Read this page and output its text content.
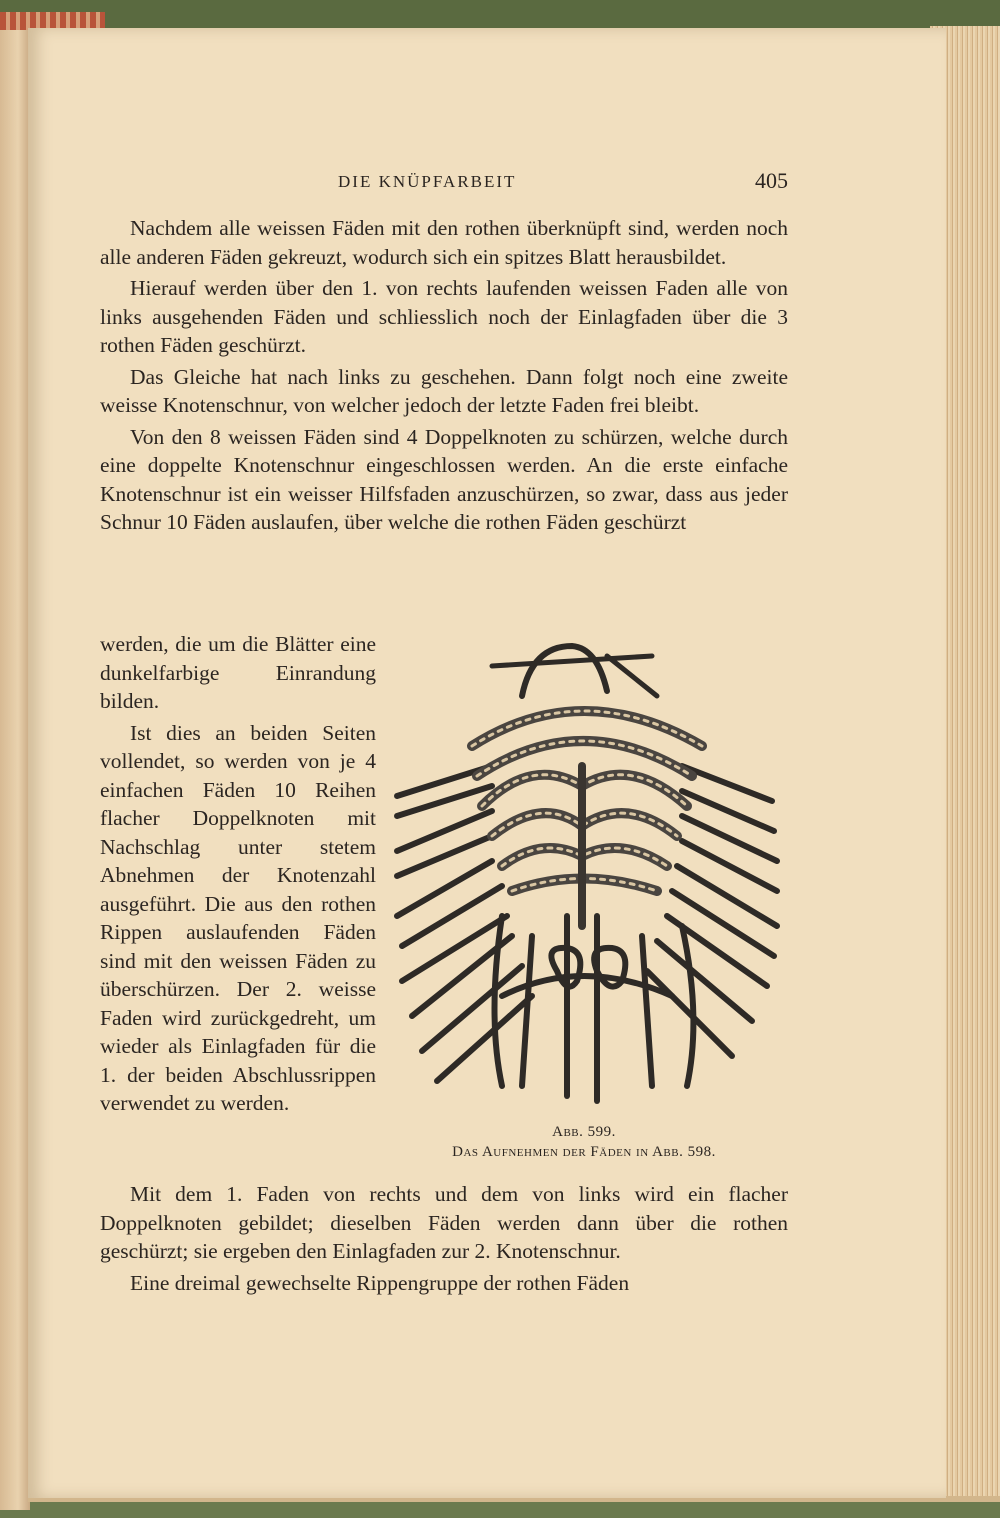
DIE KNÜPFARBEIT	405

Nachdem alle weissen Fäden mit den rothen überknüpft sind, werden noch alle anderen Fäden gekreuzt, wodurch sich ein spitzes Blatt herausbildet.

Hierauf werden über den 1. von rechts laufenden weissen Faden alle von links ausgehenden Fäden und schliesslich noch der Einlagfaden über die 3 rothen Fäden geschürzt.

Das Gleiche hat nach links zu geschehen. Dann folgt noch eine zweite weisse Knotenschnur, von welcher jedoch der letzte Faden frei bleibt.

Von den 8 weissen Fäden sind 4 Doppelknoten zu schürzen, welche durch eine doppelte Knotenschnur eingeschlossen werden. An die erste einfache Knotenschnur ist ein weisser Hilfsfaden anzuschürzen, so zwar, dass aus jeder Schnur 10 Fäden auslaufen, über welche die rothen Fäden geschürzt

werden, die um die Blätter eine dunkelfarbige Einrandung bilden.

Ist dies an beiden Seiten vollendet, so werden von je 4 einfachen Fäden 10 Reihen flacher Doppelknoten mit Nachschlag unter stetem Abnehmen der Knotenzahl ausgeführt. Die aus den rothen Rippen auslaufenden Fäden sind mit den weissen Fäden zu überschürzen. Der 2. weisse Faden wird zurückgedreht, um wieder als Einlagfaden für die 1. der beiden Abschlussrippen verwendet zu werden.

Abb. 599.
Das Aufnehmen der Fäden in Abb. 598.

Mit dem 1. Faden von rechts und dem von links wird ein flacher Doppelknoten gebildet; dieselben Fäden werden dann über die rothen geschürzt; sie ergeben den Einlagfaden zur 2. Knotenschnur.

Eine dreimal gewechselte Rippengruppe der rothen Fäden
